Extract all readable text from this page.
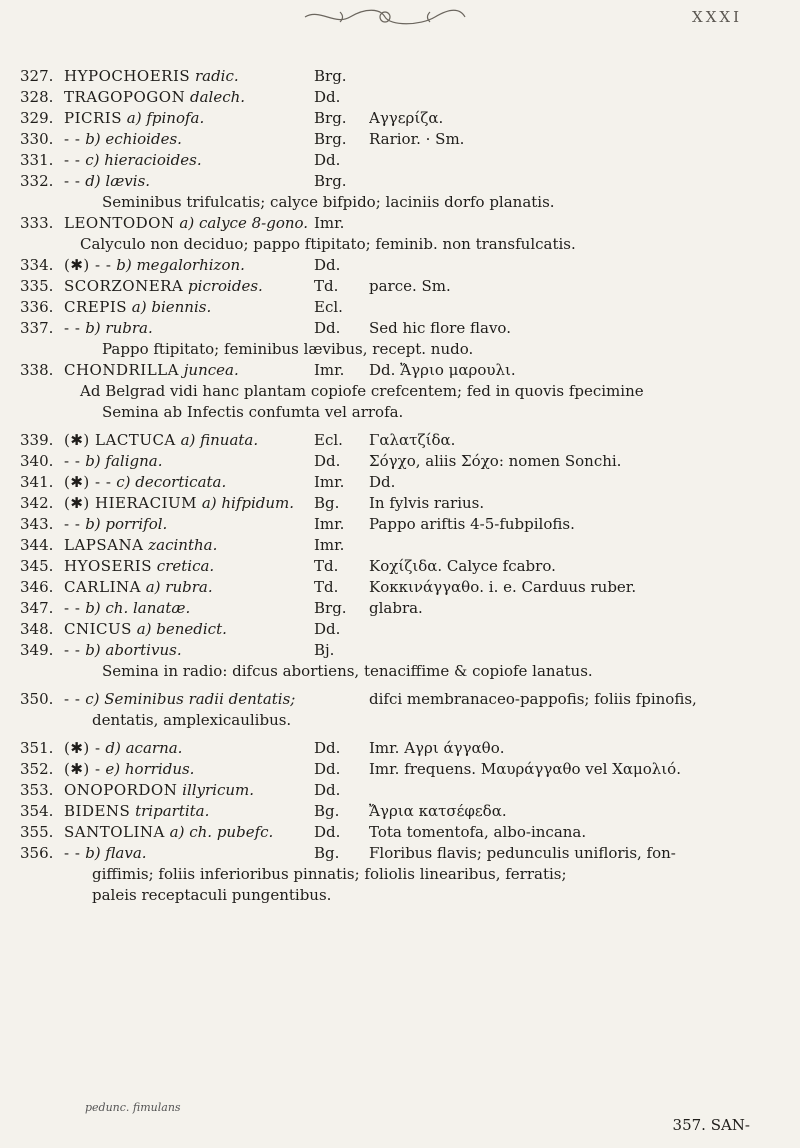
XXXI
327. HYPOCHOERIS radic.	Brg.
328. TRAGOPOGON dalech.	Dd.
329. PICRIS a) fpinofa.	Brg.	Αγγερίζα.
330. - - b) echioides.	Brg.	Rarior. · Sm.
331. - - c) hieracioides.	Dd.
332. - - d) lævis.	Brg.
Seminibus trifulcatis; calyce bifpido; laciniis dorfo planatis.
333. LEONTODON a) calyce 8-gono. Imr.
Calyculo non deciduo; pappo ftipitato; feminib. non transfulcatis.
334. (✱) - - b) megalorhizon.	Dd.
335. SCORZONERA picroides.	Td.	parce. Sm.
336. CREPIS a) biennis.	Ecl.
337. - - b) rubra.	Dd.	Sed hic flore flavo.
Pappo ftipitato; feminibus lævibus, recept. nudo.
338. CHONDRILLA juncea.	Imr.	Dd. Ἄγριο μαρουλι.
Ad Belgrad vidi hanc plantam copiofe crefcentem; fed in quovis fpecimine
Semina ab Infectis confumta vel arrofa.
339. (✱) LACTUCA a) finuata.	Ecl.	Γαλατζίδα.
340. - - b) faligna.	Dd.	Σόγχο, aliis Σόχο: nomen Sonchi.
341. (✱) - - c) decorticata.	Imr.	Dd.
342. (✱) HIERACIUM a) hifpidum.	Bg.	In fylvis rarius.
343. - - b) porrifol.	Imr.	Pappo ariftis 4-5-fubpilofis.
344. LAPSANA zacintha.	Imr.
345. HYOSERIS cretica.	Td.	Κοχίζιδα. Calyce fcabro.
346. CARLINA a) rubra.	Td.	Κοκκινάγγαθο. i. e. Carduus ruber.
347. - - b) ch. lanatæ.	Brg.	glabra.
348. CNICUS a) benedict.	Dd.
349. - - b) abortivus.	Bj.
Semina in radio: difcus abortiens, tenaciffime & copiofe lanatus.
350. - - c) Seminibus radii dentatis;	difci membranaceo-pappofis; foliis fpinofis,
dentatis, amplexicaulibus.
351. (✱) - d) acarna.	Dd.	Imr. Αγρι άγγαθο.
352. (✱) - e) horridus.	Dd.	Imr. frequens. Μαυράγγαθο vel Χαμολιό.
353. ONOPORDON illyricum.	Dd.
354. BIDENS tripartita.	Bg.	Ἄγρια κατσέφεδα.
355. SANTOLINA a) ch. pubefc.	Dd.	Tota tomentofa, albo-incana.
356. - - b) flava.	Bg.	Floribus flavis; pedunculis unifloris, fon-
giffimis; foliis inferioribus pinnatis; foliolis linearibus, ferratis;
paleis receptaculi pungentibus.
pedunc. fimulans
357. SAN-
